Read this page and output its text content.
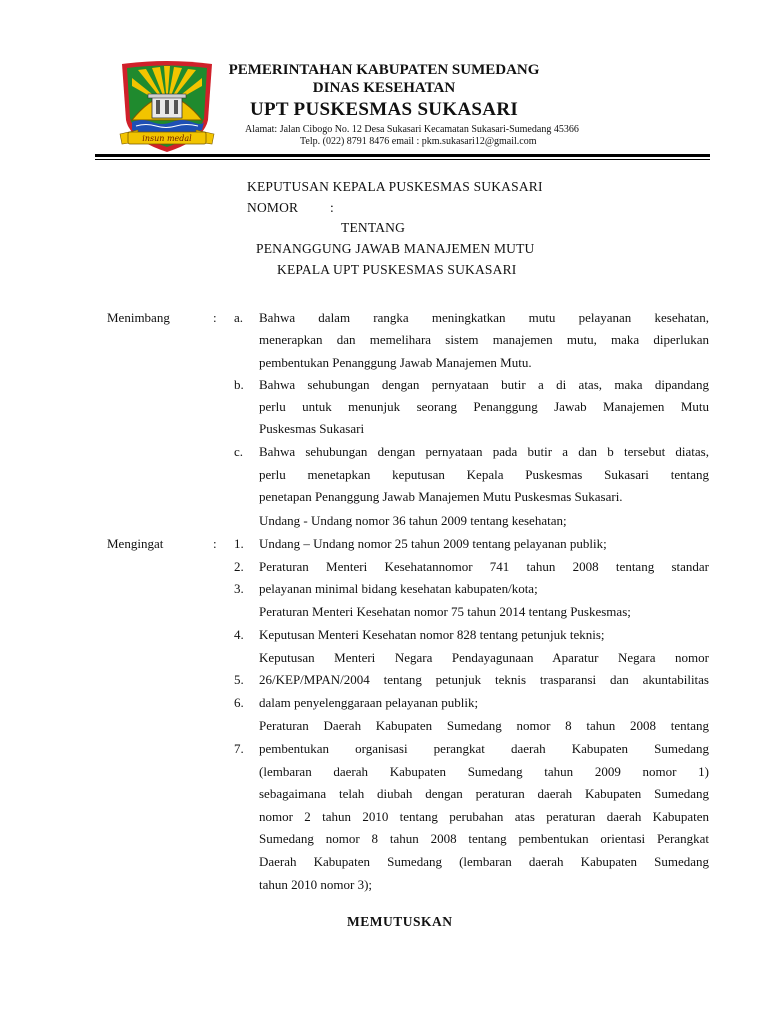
insun medal
PEMERINTAHAN KABUPATEN SUMEDANG
DINAS KESEHATAN
UPT PUSKESMAS SUKASARI
Alamat: Jalan Cibogo No. 12 Desa Sukasari Kecamatan Sukasari-Sumedang 45366
Telp. (022) 8791 8476 email : pkm.sukasari12@gmail.com
KEPUTUSAN KEPALA PUSKESMAS SUKASARI
NOMOR :
TENTANG
PENANGGUNG JAWAB MANAJEMEN MUTU
KEPALA UPT PUSKESMAS SUKASARI
Menimbang	: a. Bahwa dalam rangka meningkatkan mutu pelayanan kesehatan,
menerapkan dan memelihara sistem manajemen mutu, maka diperlukan
pembentukan Penanggung Jawab Manajemen Mutu.
b. Bahwa sehubungan dengan pernyataan butir a di atas, maka dipandang
perlu untuk menunjuk seorang Penanggung Jawab Manajemen Mutu
Puskesmas Sukasari
c. Bahwa sehubungan dengan pernyataan pada butir a dan b tersebut diatas,
perlu menetapkan keputusan Kepala Puskesmas Sukasari tentang
penetapan Penanggung Jawab Manajemen Mutu Puskesmas Sukasari.
Undang - Undang nomor 36 tahun 2009 tentang kesehatan;
Mengingat	: 1.
2.
3.
4.
5.
6.
7.
Undang – Undang nomor 25 tahun 2009 tentang pelayanan publik;
Peraturan Menteri Kesehatannomor 741 tahun 2008 tentang standar
pelayanan minimal bidang kesehatan kabupaten/kota;
Peraturan Menteri Kesehatan nomor 75 tahun 2014 tentang Puskesmas;
Keputusan Menteri Kesehatan nomor 828 tentang petunjuk teknis;
Keputusan Menteri Negara Pendayagunaan Aparatur Negara nomor
26/KEP/MPAN/2004 tentang petunjuk teknis trasparansi dan akuntabilitas
dalam penyelenggaraan pelayanan publik;
Peraturan Daerah Kabupaten Sumedang nomor 8 tahun 2008 tentang
pembentukan organisasi perangkat daerah Kabupaten Sumedang
(lembaran daerah Kabupaten Sumedang tahun 2009 nomor 1)
sebagaimana telah diubah dengan peraturan daerah Kabupaten Sumedang
nomor 2 tahun 2010 tentang perubahan atas peraturan daerah Kabupaten
Sumedang nomor 8 tahun 2008 tentang pembentukan orientasi Perangkat
Daerah Kabupaten Sumedang (lembaran daerah Kabupaten Sumedang
tahun 2010 nomor 3);
MEMUTUSKAN
